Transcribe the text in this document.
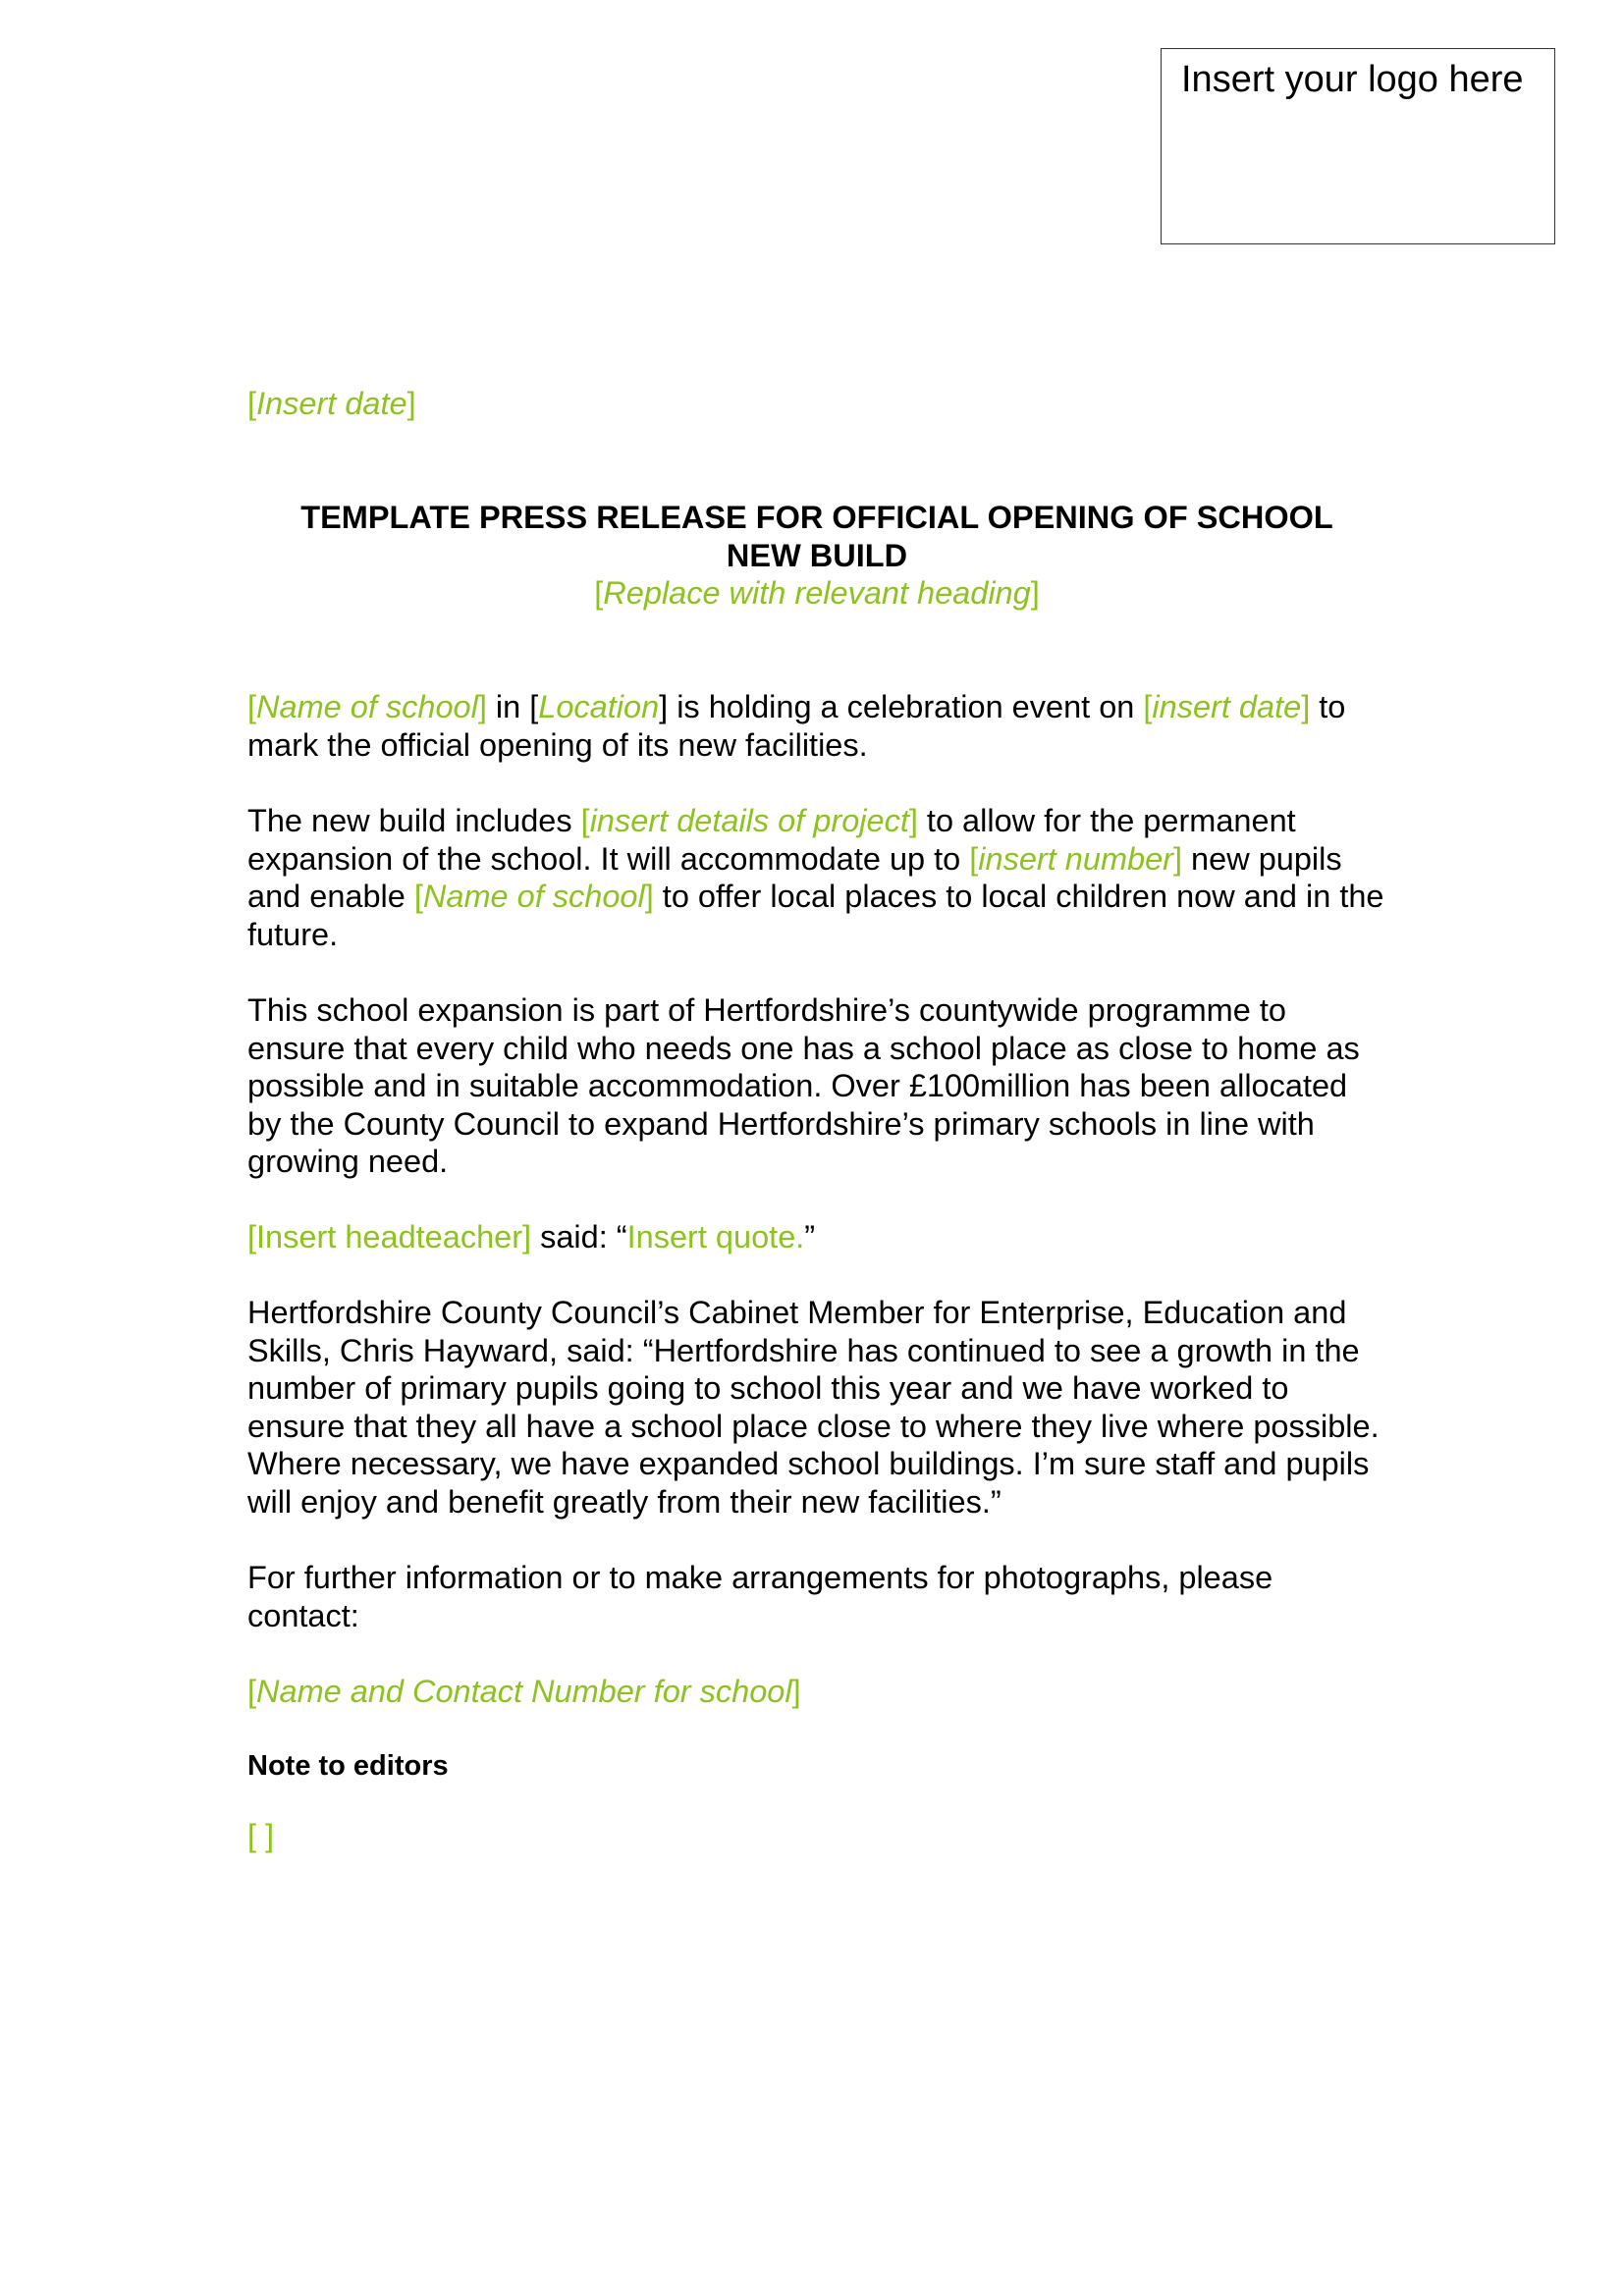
Insert your logo here
[Insert date]
TEMPLATE PRESS RELEASE FOR OFFICIAL OPENING OF SCHOOL NEW BUILD
[Replace with relevant heading]
[Name of school] in [Location] is holding a celebration event on [insert date] to mark the official opening of its new facilities.
The new build includes [insert details of project] to allow for the permanent expansion of the school. It will accommodate up to [insert number] new pupils and enable [Name of school] to offer local places to local children now and in the future.
This school expansion is part of Hertfordshire’s countywide programme to ensure that every child who needs one has a school place as close to home as possible and in suitable accommodation. Over £100million has been allocated by the County Council to expand Hertfordshire’s primary schools in line with growing need.
[Insert headteacher] said: “Insert quote.”
Hertfordshire County Council’s Cabinet Member for Enterprise, Education and Skills, Chris Hayward, said: “Hertfordshire has continued to see a growth in the number of primary pupils going to school this year and we have worked to ensure that they all have a school place close to where they live where possible. Where necessary, we have expanded school buildings. I’m sure staff and pupils will enjoy and benefit greatly from their new facilities.”
For further information or to make arrangements for photographs, please contact:
[Name and Contact Number for school]
Note to editors
[ ]
